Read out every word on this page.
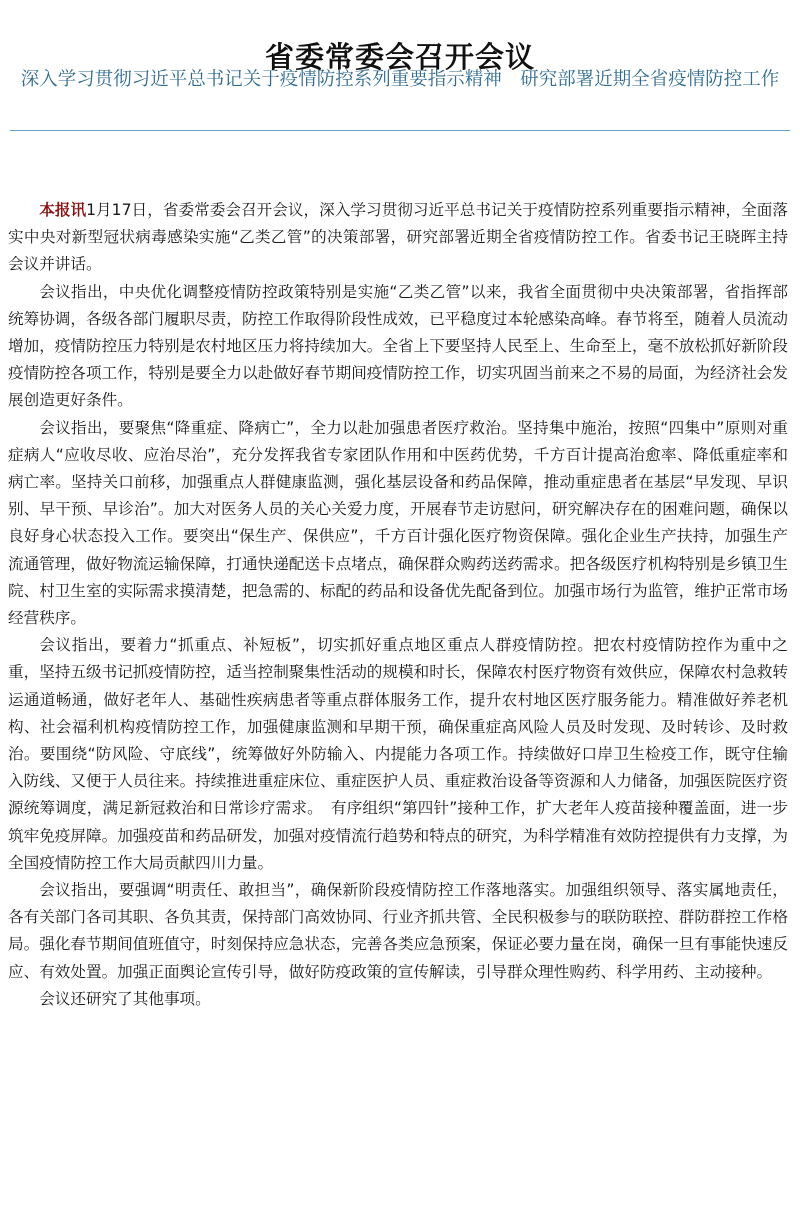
省委常委会召开会议
深入学习贯彻习近平总书记关于疫情防控系列重要指示精神　研究部署近期全省疫情防控工作

本报讯1月17日，省委常委会召开会议，深入学习贯彻习近平总书记关于疫情防控系列重要指示精神，全面落实中央对新型冠状病毒感染实施“乙类乙管”的决策部署，研究部署近期全省疫情防控工作。省委书记王晓晖主持会议并讲话。

会议指出，中央优化调整疫情防控政策特别是实施“乙类乙管”以来，我省全面贯彻中央决策部署，省指挥部统筹协调，各级各部门履职尽责，防控工作取得阶段性成效，已平稳度过本轮感染高峰。春节将至，随着人员流动增加，疫情防控压力特别是农村地区压力将持续加大。全省上下要坚持人民至上、生命至上，毫不放松抓好新阶段疫情防控各项工作，特别是要全力以赴做好春节期间疫情防控工作，切实巩固当前来之不易的局面，为经济社会发展创造更好条件。

会议指出，要聚焦“降重症、降病亡”，全力以赴加强患者医疗救治。坚持集中施治，按照“四集中”原则对重症病人“应收尽收、应治尽治”，充分发挥我省专家团队作用和中医药优势，千方百计提高治愈率、降低重症率和病亡率。坚持关口前移，加强重点人群健康监测，强化基层设备和药品保障，推动重症患者在基层“早发现、早识别、早干预、早诊治”。加大对医务人员的关心关爱力度，开展春节走访慰问，研究解决存在的困难问题，确保以良好身心状态投入工作。要突出“保生产、保供应”，千方百计强化医疗物资保障。强化企业生产扶持，加强生产流通管理，做好物流运输保障，打通快递配送卡点堵点，确保群众购药送药需求。把各级医疗机构特别是乡镇卫生院、村卫生室的实际需求摸清楚，把急需的、标配的药品和设备优先配备到位。加强市场行为监管，维护正常市场经营秩序。

会议指出，要着力“抓重点、补短板”，切实抓好重点地区重点人群疫情防控。把农村疫情防控作为重中之重，坚持五级书记抓疫情防控，适当控制聚集性活动的规模和时长，保障农村医疗物资有效供应，保障农村急救转运通道畅通，做好老年人、基础性疾病患者等重点群体服务工作，提升农村地区医疗服务能力。精准做好养老机构、社会福利机构疫情防控工作，加强健康监测和早期干预，确保重症高风险人员及时发现、及时转诊、及时救治。要围绕“防风险、守底线”，统筹做好外防输入、内提能力各项工作。持续做好口岸卫生检疫工作，既守住输入防线、又便于人员往来。持续推进重症床位、重症医护人员、重症救治设备等资源和人力储备，加强医院医疗资源统筹调度，满足新冠救治和日常诊疗需求。　有序组织“第四针”接种工作，扩大老年人疫苗接种覆盖面，进一步筑牢免疫屏障。加强疫苗和药品研发，加强对疫情流行趋势和特点的研究，为科学精准有效防控提供有力支撑，为全国疫情防控工作大局贡献四川力量。

会议指出，要强调“明责任、敢担当”，确保新阶段疫情防控工作落地落实。加强组织领导、落实属地责任，各有关部门各司其职、各负其责，保持部门高效协同、行业齐抓共管、全民积极参与的联防联控、群防群控工作格局。强化春节期间值班值守，时刻保持应急状态，完善各类应急预案，保证必要力量在岗，确保一旦有事能快速反应、有效处置。加强正面舆论宣传引导，做好防疫政策的宣传解读，引导群众理性购药、科学用药、主动接种。

会议还研究了其他事项。
